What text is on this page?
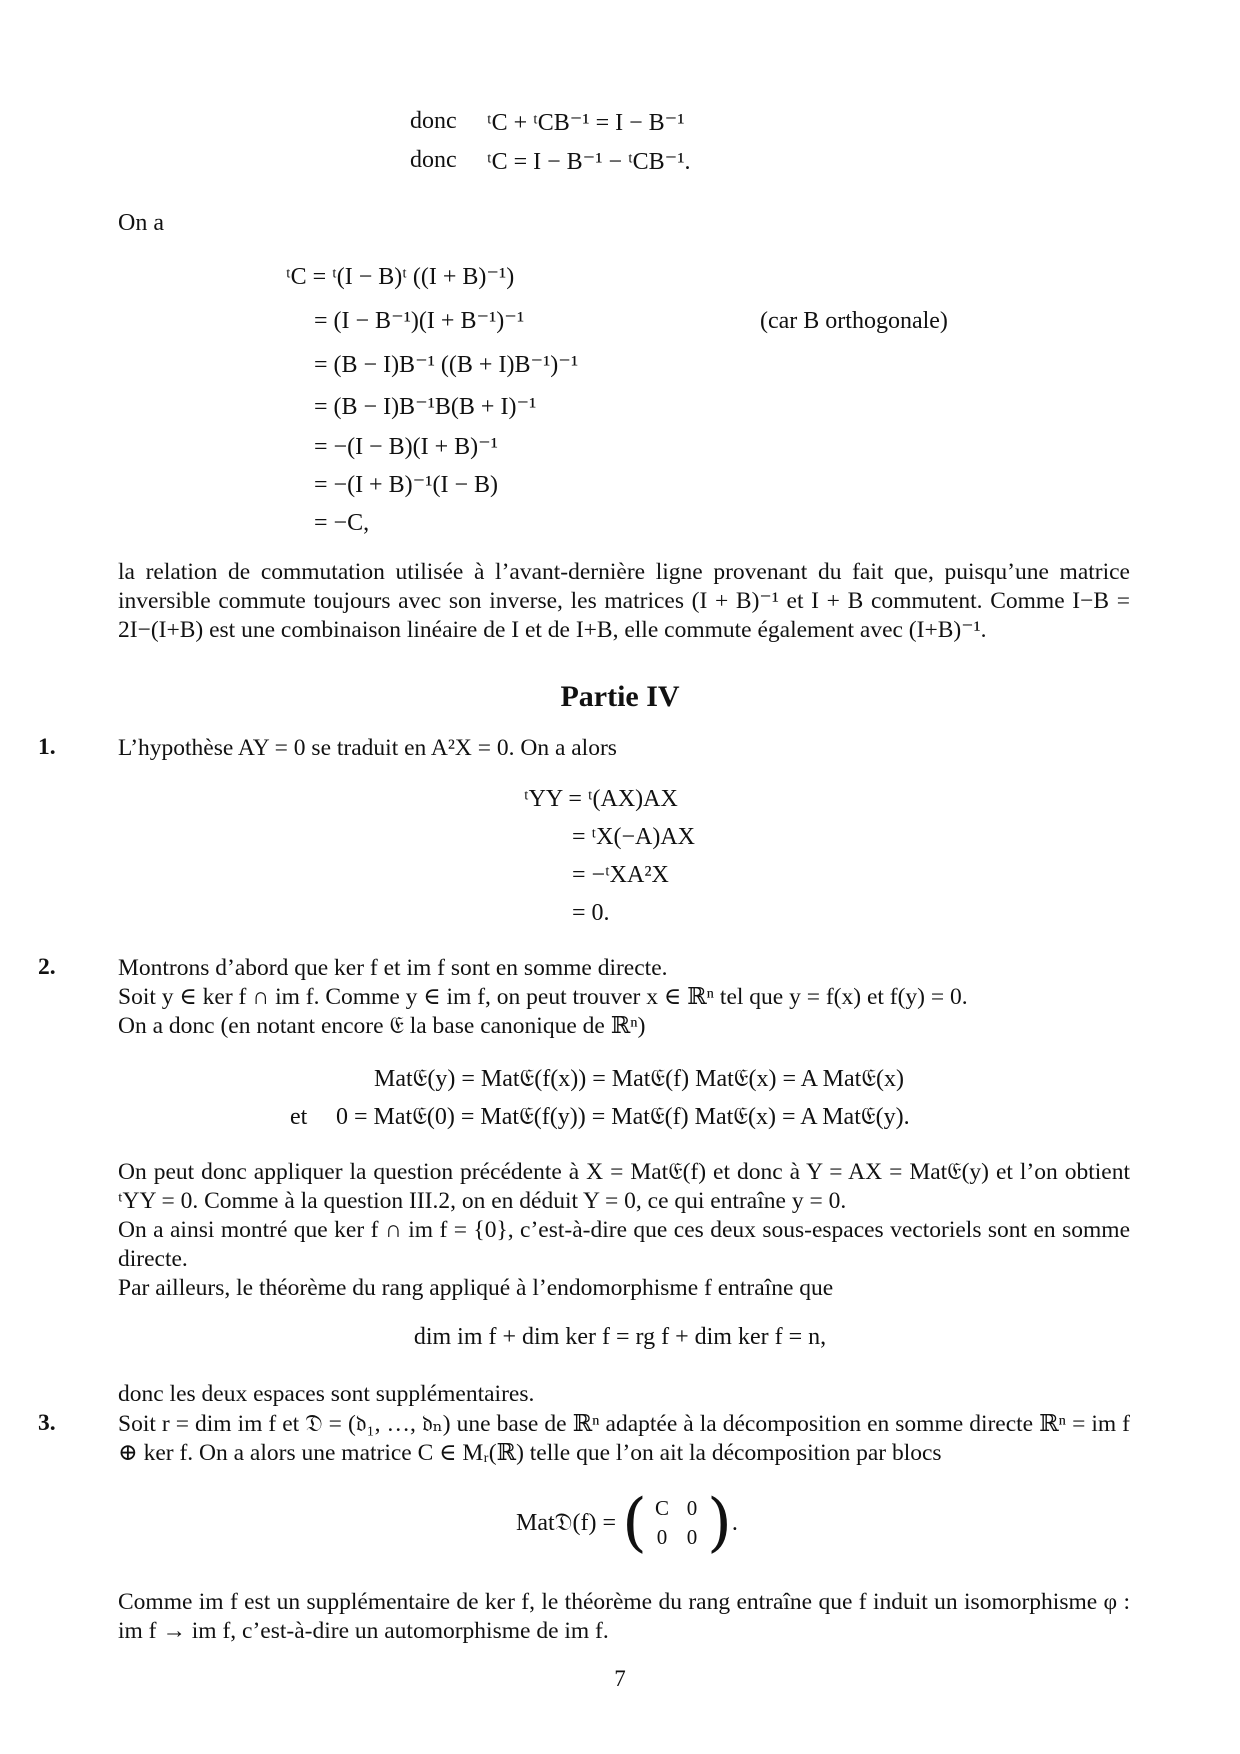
donc ᵗC + ᵗCB⁻¹ = I − B⁻¹
donc ᵗC = I − B⁻¹ − ᵗCB⁻¹.
On a
ᵗC = ᵗ(I − B)ᵗ ((I + B)⁻¹)
= (I − B⁻¹)(I + B⁻¹)⁻¹
= (B − I)B⁻¹ ((B + I)B⁻¹)⁻¹
= (B − I)B⁻¹B(B + I)⁻¹
= −(I − B)(I + B)⁻¹
= −(I + B)⁻¹(I − B)
= −C,
(car B orthogonale)
la relation de commutation utilisée à l’avant-dernière ligne provenant du fait que, puisqu’une matrice inversible commute toujours avec son inverse, les matrices (I + B)⁻¹ et I + B commutent. Comme I−B = 2I−(I+B) est une combinaison linéaire de I et de I+B, elle commute également avec (I+B)⁻¹.
Partie IV
1.	L’hypothèse AY = 0 se traduit en A²X = 0. On a alors
ᵗYY = ᵗ(AX)AX
= ᵗX(−A)AX
= −ᵗXA²X
= 0.
2.	Montrons d’abord que ker f et im f sont en somme directe.
Soit y ∈ ker f ∩ im f. Comme y ∈ im f, on peut trouver x ∈ ℝⁿ tel que y = f(x) et f(y) = 0.
On a donc (en notant encore 𝔈 la base canonique de ℝⁿ)
Mat𝔈(y) = Mat𝔈(f(x)) = Mat𝔈(f) Mat𝔈(x) = A Mat𝔈(x)
et 0 = Mat𝔈(0) = Mat𝔈(f(y)) = Mat𝔈(f) Mat𝔈(x) = A Mat𝔈(y).
On peut donc appliquer la question précédente à X = Mat𝔈(f) et donc à Y = AX = Mat𝔈(y) et l’on obtient ᵗYY = 0. Comme à la question III.2, on en déduit Y = 0, ce qui entraîne y = 0.
On a ainsi montré que ker f ∩ im f = {0}, c’est-à-dire que ces deux sous-espaces vectoriels sont en somme directe.
Par ailleurs, le théorème du rang appliqué à l’endomorphisme f entraîne que
dim im f + dim ker f = rg f + dim ker f = n,
donc les deux espaces sont supplémentaires.
3.	Soit r = dim im f et 𝔇 = (𝔡₁, …, 𝔡ₙ) une base de ℝⁿ adaptée à la décomposition en somme directe ℝⁿ = im f ⊕ ker f. On a alors une matrice C ∈ Mᵣ(ℝ) telle que l’on ait la décomposition par blocs
Mat𝔇(f) = ( C 0
0 0 ) .
Comme im f est un supplémentaire de ker f, le théorème du rang entraîne que f induit un isomorphisme φ : im f → im f, c’est-à-dire un automorphisme de im f.
7
